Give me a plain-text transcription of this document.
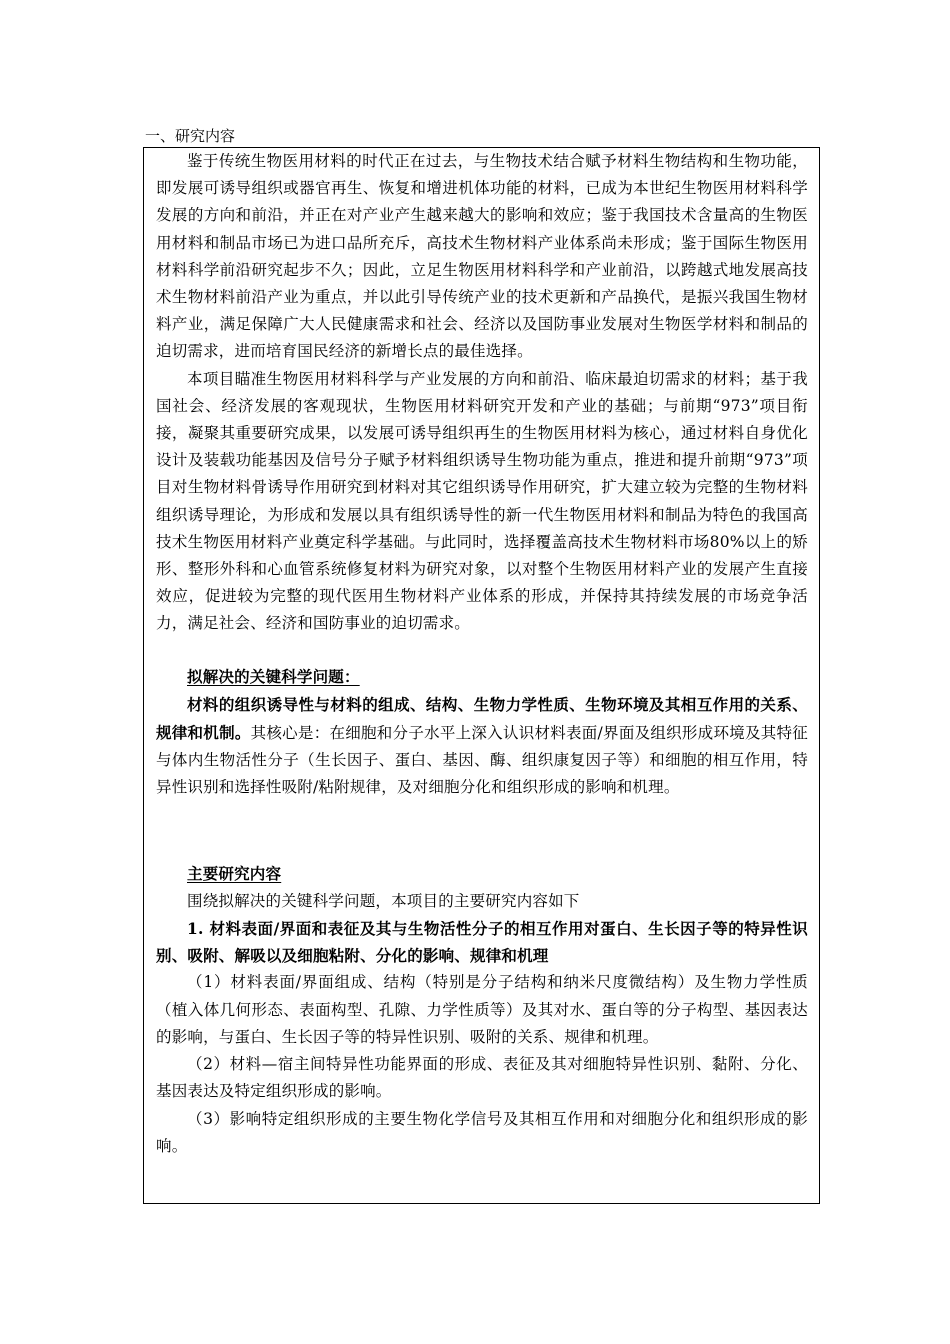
一、研究内容

鉴于传统生物医用材料的时代正在过去，与生物技术结合赋予材料生物结构和生物功能，即发展可诱导组织或器官再生、恢复和增进机体功能的材料，已成为本世纪生物医用材料科学发展的方向和前沿，并正在对产业产生越来越大的影响和效应；鉴于我国技术含量高的生物医用材料和制品市场已为进口品所充斥，高技术生物材料产业体系尚未形成；鉴于国际生物医用材料科学前沿研究起步不久；因此，立足生物医用材料科学和产业前沿，以跨越式地发展高技术生物材料前沿产业为重点，并以此引导传统产业的技术更新和产品换代，是振兴我国生物材料产业，满足保障广大人民健康需求和社会、经济以及国防事业发展对生物医学材料和制品的迫切需求，进而培育国民经济的新增长点的最佳选择。

本项目瞄准生物医用材料科学与产业发展的方向和前沿、临床最迫切需求的材料；基于我国社会、经济发展的客观现状，生物医用材料研究开发和产业的基础；与前期“973”项目衔接，凝聚其重要研究成果，以发展可诱导组织再生的生物医用材料为核心，通过材料自身优化设计及装载功能基因及信号分子赋予材料组织诱导生物功能为重点，推进和提升前期“973”项目对生物材料骨诱导作用研究到材料对其它组织诱导作用研究，扩大建立较为完整的生物材料组织诱导理论，为形成和发展以具有组织诱导性的新一代生物医用材料和制品为特色的我国高技术生物医用材料产业奠定科学基础。与此同时，选择覆盖高技术生物材料市场80%以上的矫形、整形外科和心血管系统修复材料为研究对象，以对整个生物医用材料产业的发展产生直接效应，促进较为完整的现代医用生物材料产业体系的形成，并保持其持续发展的市场竞争活力，满足社会、经济和国防事业的迫切需求。

拟解决的关键科学问题：

材料的组织诱导性与材料的组成、结构、生物力学性质、生物环境及其相互作用的关系、规律和机制。其核心是：在细胞和分子水平上深入认识材料表面/界面及组织形成环境及其特征与体内生物活性分子（生长因子、蛋白、基因、酶、组织康复因子等）和细胞的相互作用，特异性识别和选择性吸附/粘附规律，及对细胞分化和组织形成的影响和机理。

主要研究内容

围绕拟解决的关键科学问题，本项目的主要研究内容如下

1. 材料表面/界面和表征及其与生物活性分子的相互作用对蛋白、生长因子等的特异性识别、吸附、解吸以及细胞粘附、分化的影响、规律和机理

（1）材料表面/界面组成、结构（特别是分子结构和纳米尺度微结构）及生物力学性质（植入体几何形态、表面构型、孔隙、力学性质等）及其对水、蛋白等的分子构型、基因表达的影响，与蛋白、生长因子等的特异性识别、吸附的关系、规律和机理。

（2）材料—宿主间特异性功能界面的形成、表征及其对细胞特异性识别、黏附、分化、基因表达及特定组织形成的影响。

（3）影响特定组织形成的主要生物化学信号及其相互作用和对细胞分化和组织形成的影响。
